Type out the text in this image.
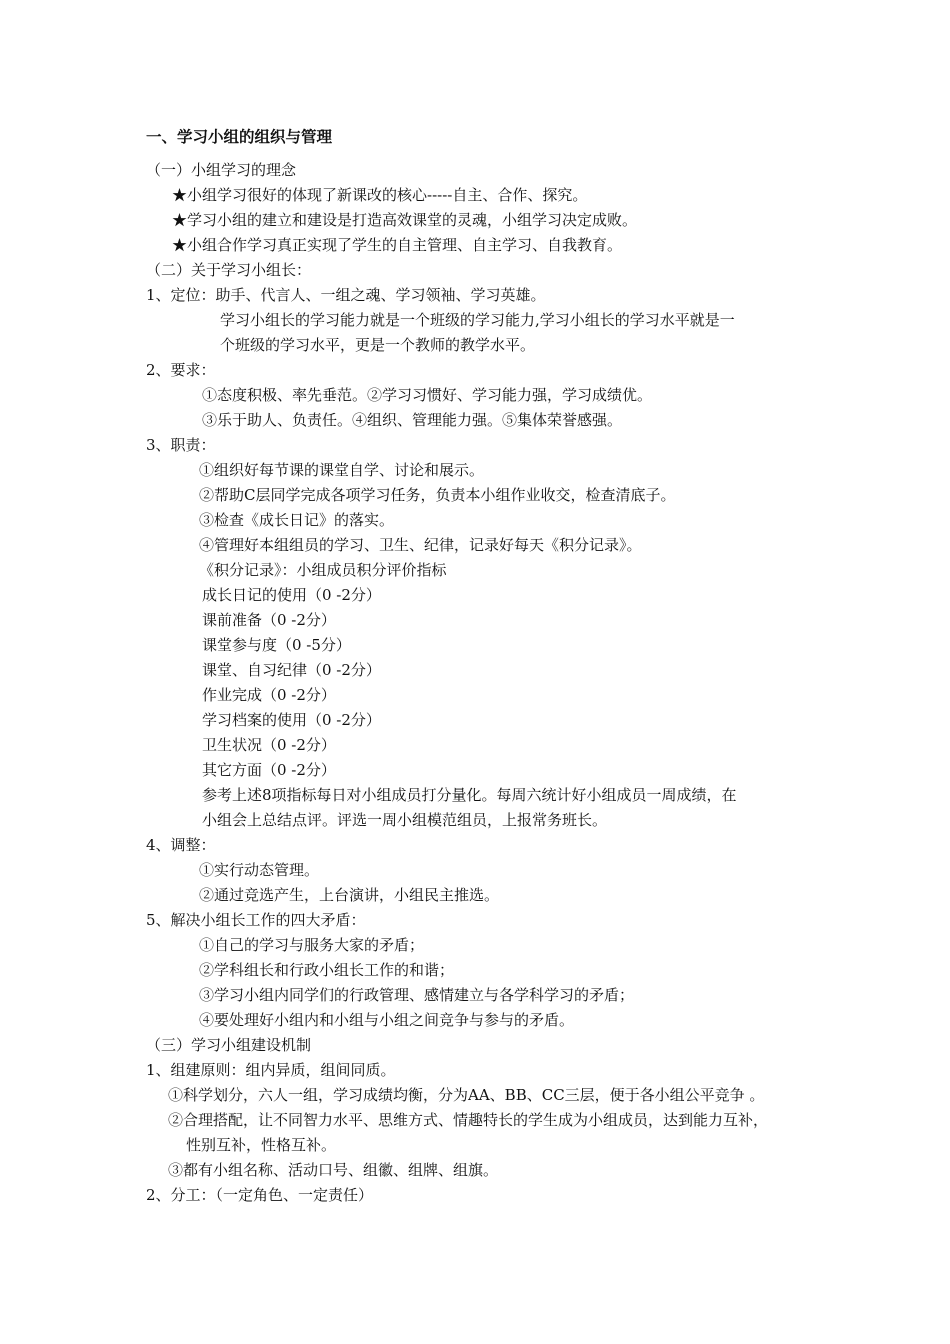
一、学习小组的组织与管理
（一）小组学习的理念
★小组学习很好的体现了新课改的核心-----自主、合作、探究。
★学习小组的建立和建设是打造高效课堂的灵魂，小组学习决定成败。
★小组合作学习真正实现了学生的自主管理、自主学习、自我教育。
（二）关于学习小组长：
1、定位：助手、代言人、一组之魂、学习领袖、学习英雄。
学习小组长的学习能力就是一个班级的学习能力,学习小组长的学习水平就是一
个班级的学习水平，更是一个教师的教学水平。
2、要求：
①态度积极、率先垂范。②学习习惯好、学习能力强，学习成绩优。
③乐于助人、负责任。④组织、管理能力强。⑤集体荣誉感强。
3、职责：
①组织好每节课的课堂自学、讨论和展示。
②帮助C层同学完成各项学习任务，负责本小组作业收交，检查清底子。
③检查《成长日记》的落实。
④管理好本组组员的学习、卫生、纪律，记录好每天《积分记录》。
《积分记录》：小组成员积分评价指标
成长日记的使用（0 -2分）
课前准备（0 -2分）
课堂参与度（0 -5分）
课堂、自习纪律（0 -2分）
作业完成（0 -2分）
学习档案的使用（0 -2分）
卫生状况（0 -2分）
其它方面（0 -2分）
参考上述8项指标每日对小组成员打分量化。每周六统计好小组成员一周成绩，在
小组会上总结点评。评选一周小组模范组员，上报常务班长。
4、调整：
①实行动态管理。
②通过竞选产生，上台演讲，小组民主推选。
5、解决小组长工作的四大矛盾：
①自己的学习与服务大家的矛盾；
②学科组长和行政小组长工作的和谐；
③学习小组内同学们的行政管理、感情建立与各学科学习的矛盾；
④要处理好小组内和小组与小组之间竞争与参与的矛盾。
（三）学习小组建设机制
1、组建原则：组内异质，组间同质。
①科学划分，六人一组，学习成绩均衡，分为AA、BB、CC三层，便于各小组公平竞争 。
②合理搭配，让不同智力水平、思维方式、情趣特长的学生成为小组成员，达到能力互补，
性别互补，性格互补。
③都有小组名称、活动口号、组徽、组牌、组旗。
2、分工：（一定角色、一定责任）
